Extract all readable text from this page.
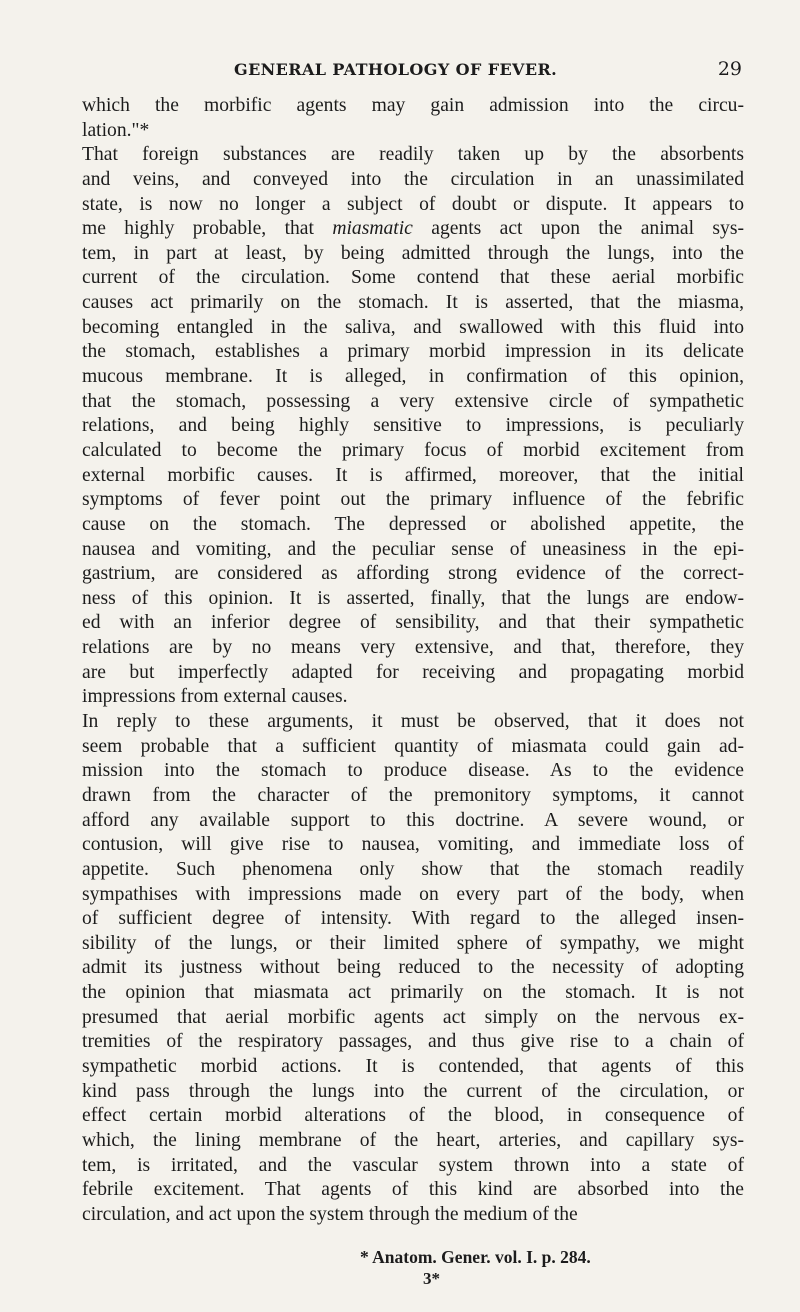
GENERAL PATHOLOGY OF FEVER.	29
which the morbific agents may gain admission into the circu-
lation."*
That foreign substances are readily taken up by the absorbents
and veins, and conveyed into the circulation in an unassimilated
state, is now no longer a subject of doubt or dispute. It appears to
me highly probable, that miasmatic agents act upon the animal sys-
tem, in part at least, by being admitted through the lungs, into the
current of the circulation. Some contend that these aerial morbific
causes act primarily on the stomach. It is asserted, that the miasma,
becoming entangled in the saliva, and swallowed with this fluid into
the stomach, establishes a primary morbid impression in its delicate
mucous membrane. It is alleged, in confirmation of this opinion,
that the stomach, possessing a very extensive circle of sympathetic
relations, and being highly sensitive to impressions, is peculiarly
calculated to become the primary focus of morbid excitement from
external morbific causes. It is affirmed, moreover, that the initial
symptoms of fever point out the primary influence of the febrific
cause on the stomach. The depressed or abolished appetite, the
nausea and vomiting, and the peculiar sense of uneasiness in the epi-
gastrium, are considered as affording strong evidence of the correct-
ness of this opinion. It is asserted, finally, that the lungs are endow-
ed with an inferior degree of sensibility, and that their sympathetic
relations are by no means very extensive, and that, therefore, they
are but imperfectly adapted for receiving and propagating morbid
impressions from external causes.
In reply to these arguments, it must be observed, that it does not
seem probable that a sufficient quantity of miasmata could gain ad-
mission into the stomach to produce disease. As to the evidence
drawn from the character of the premonitory symptoms, it cannot
afford any available support to this doctrine. A severe wound, or
contusion, will give rise to nausea, vomiting, and immediate loss of
appetite. Such phenomena only show that the stomach readily
sympathises with impressions made on every part of the body, when
of sufficient degree of intensity. With regard to the alleged insen-
sibility of the lungs, or their limited sphere of sympathy, we might
admit its justness without being reduced to the necessity of adopting
the opinion that miasmata act primarily on the stomach. It is not
presumed that aerial morbific agents act simply on the nervous ex-
tremities of the respiratory passages, and thus give rise to a chain of
sympathetic morbid actions. It is contended, that agents of this
kind pass through the lungs into the current of the circulation, or
effect certain morbid alterations of the blood, in consequence of
which, the lining membrane of the heart, arteries, and capillary sys-
tem, is irritated, and the vascular system thrown into a state of
febrile excitement. That agents of this kind are absorbed into the
circulation, and act upon the system through the medium of the
* Anatom. Gener. vol. I. p. 284.
3*
